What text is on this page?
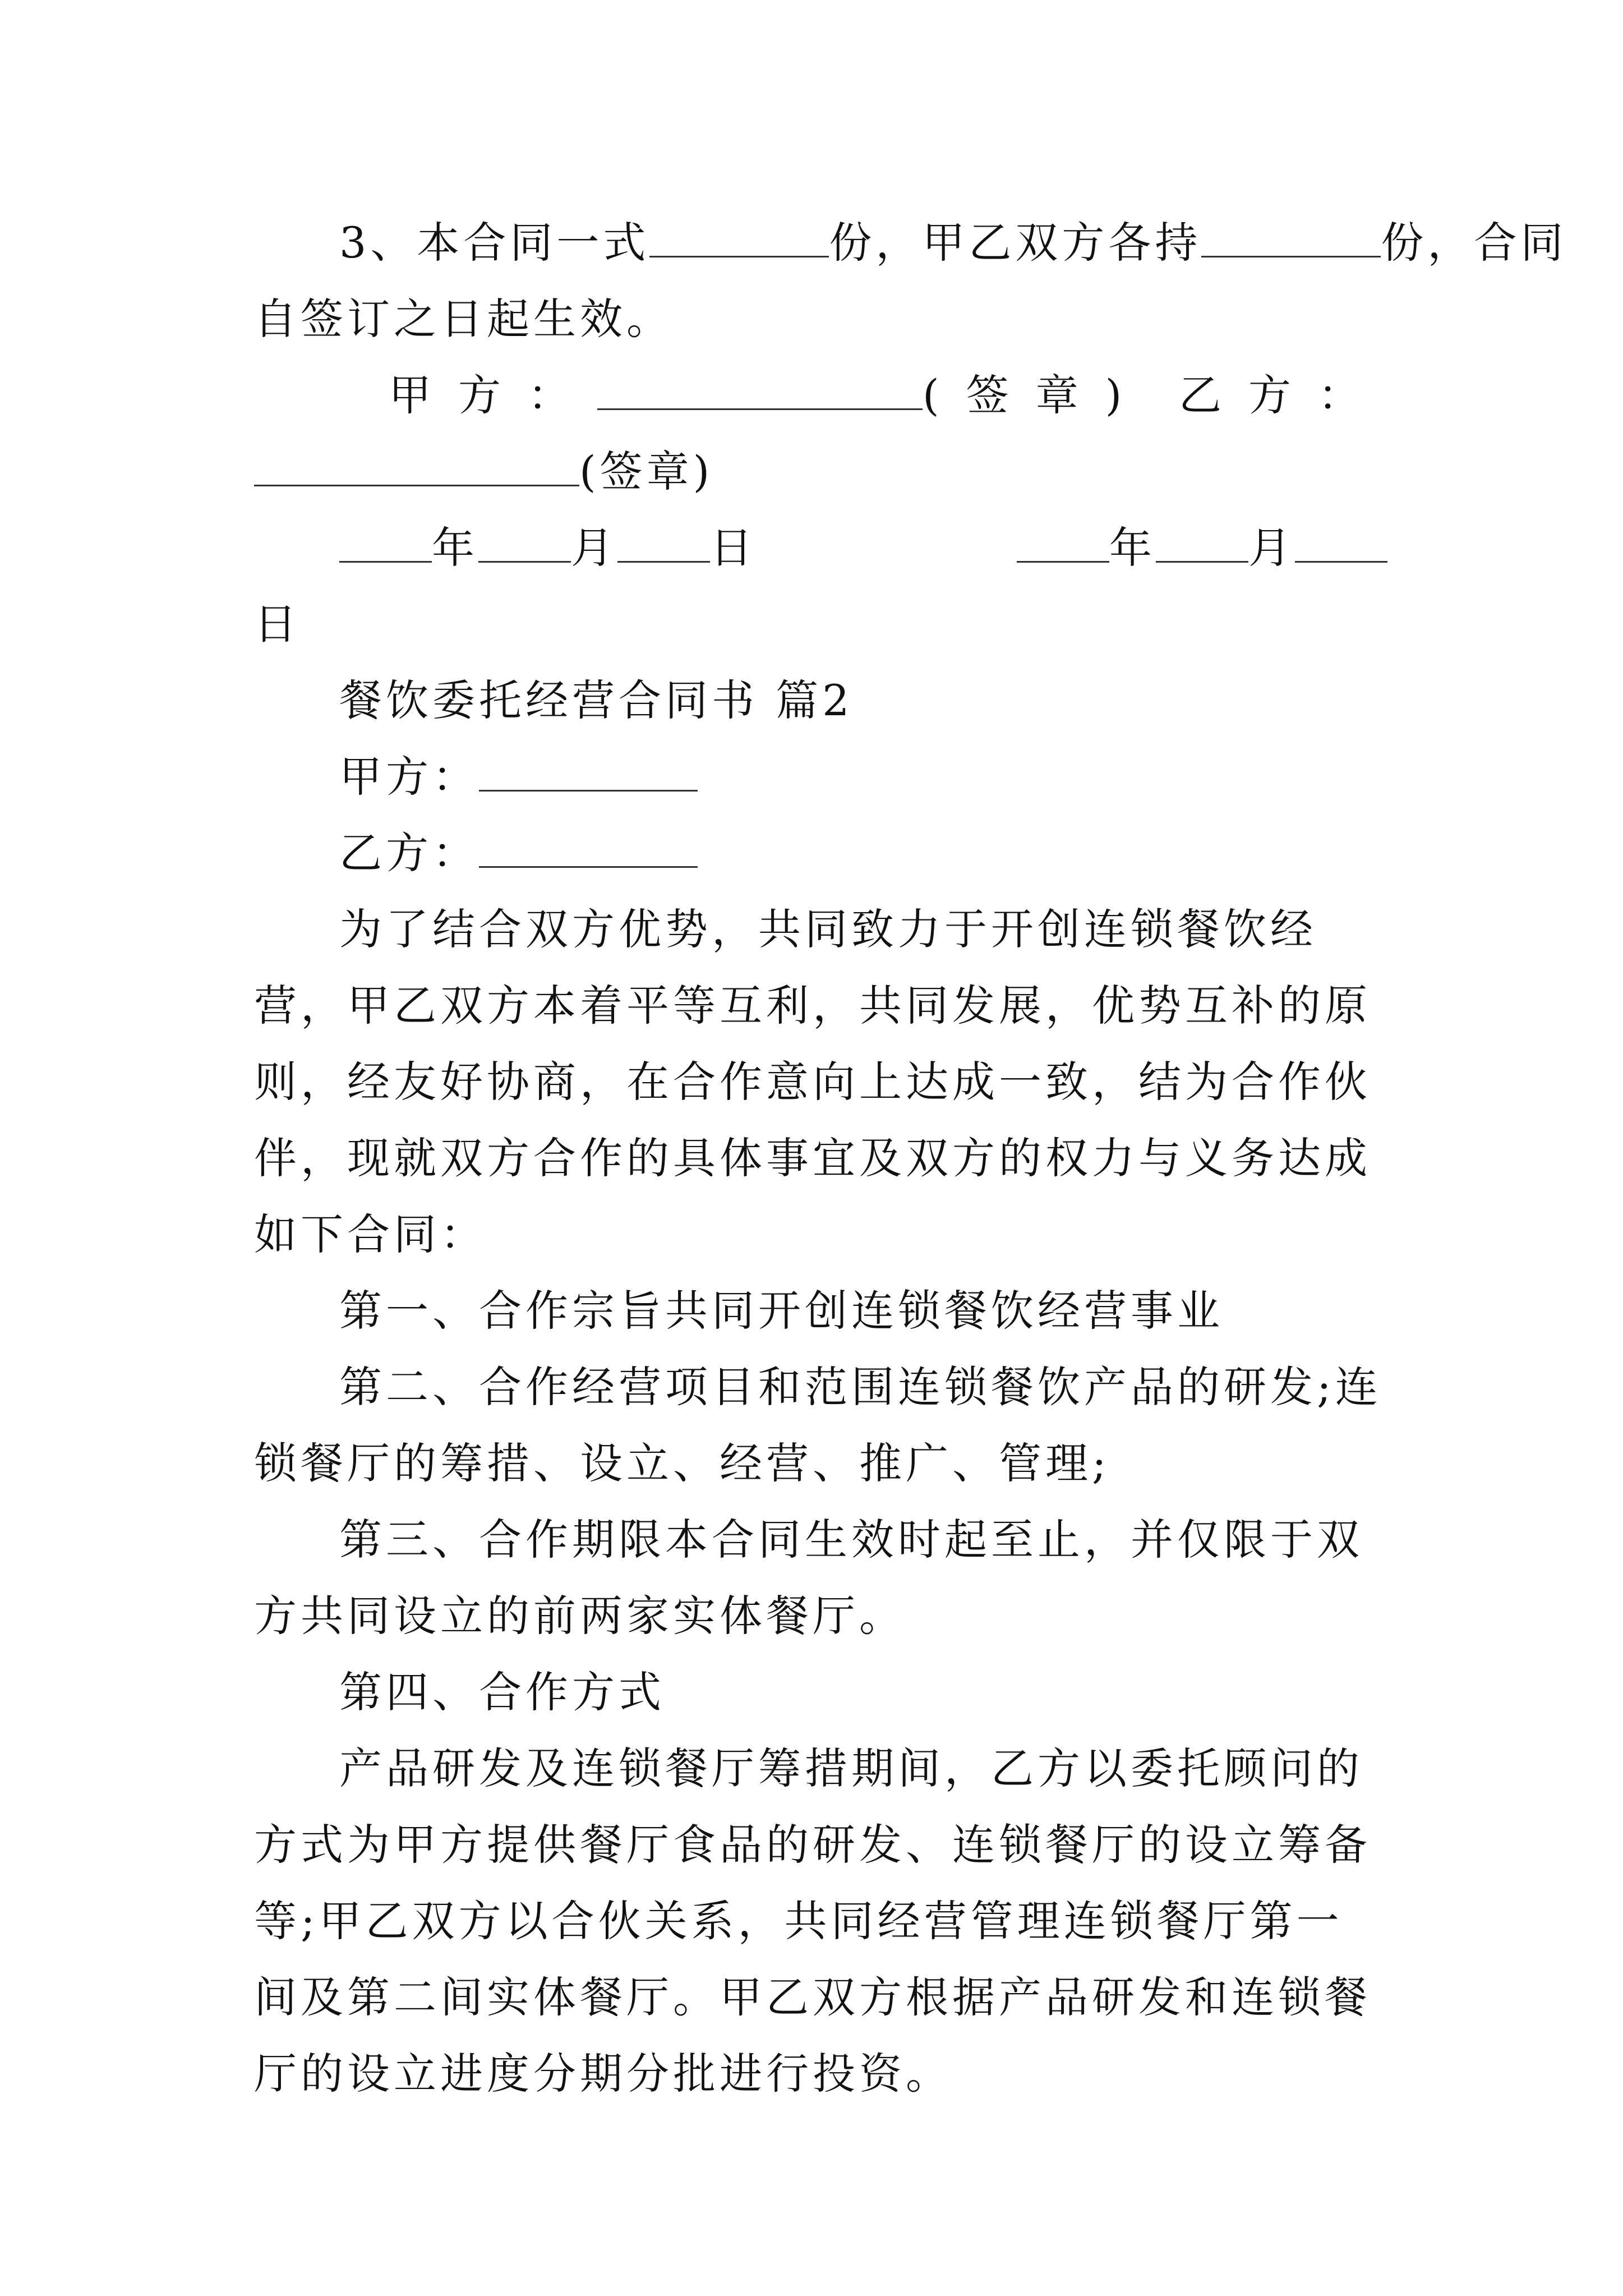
3、本合同一式	份，甲乙双方各持	份，合同
自签订之日起生效。
甲方：	(签章) 乙方：
(签章)
年 月 日	年 月
日
餐饮委托经营合同书 篇2
甲方：
乙方：

为了结合双方优势，共同致力于开创连锁餐饮经营，甲乙双方本着平等互利，共同发展，优势互补的原则，经友好协商，在合作意向上达成一致，结为合作伙伴，现就双方合作的具体事宜及双方的权力与义务达成如下合同：

第一、合作宗旨共同开创连锁餐饮经营事业

第二、合作经营项目和范围连锁餐饮产品的研发;连锁餐厅的筹措、设立、经营、推广、管理;

第三、合作期限本合同生效时起至止，并仅限于双方共同设立的前两家实体餐厅。

第四、合作方式

产品研发及连锁餐厅筹措期间，乙方以委托顾问的方式为甲方提供餐厅食品的研发、连锁餐厅的设立筹备等;甲乙双方以合伙关系，共同经营管理连锁餐厅第一间及第二间实体餐厅。甲乙双方根据产品研发和连锁餐厅的设立进度分期分批进行投资。
